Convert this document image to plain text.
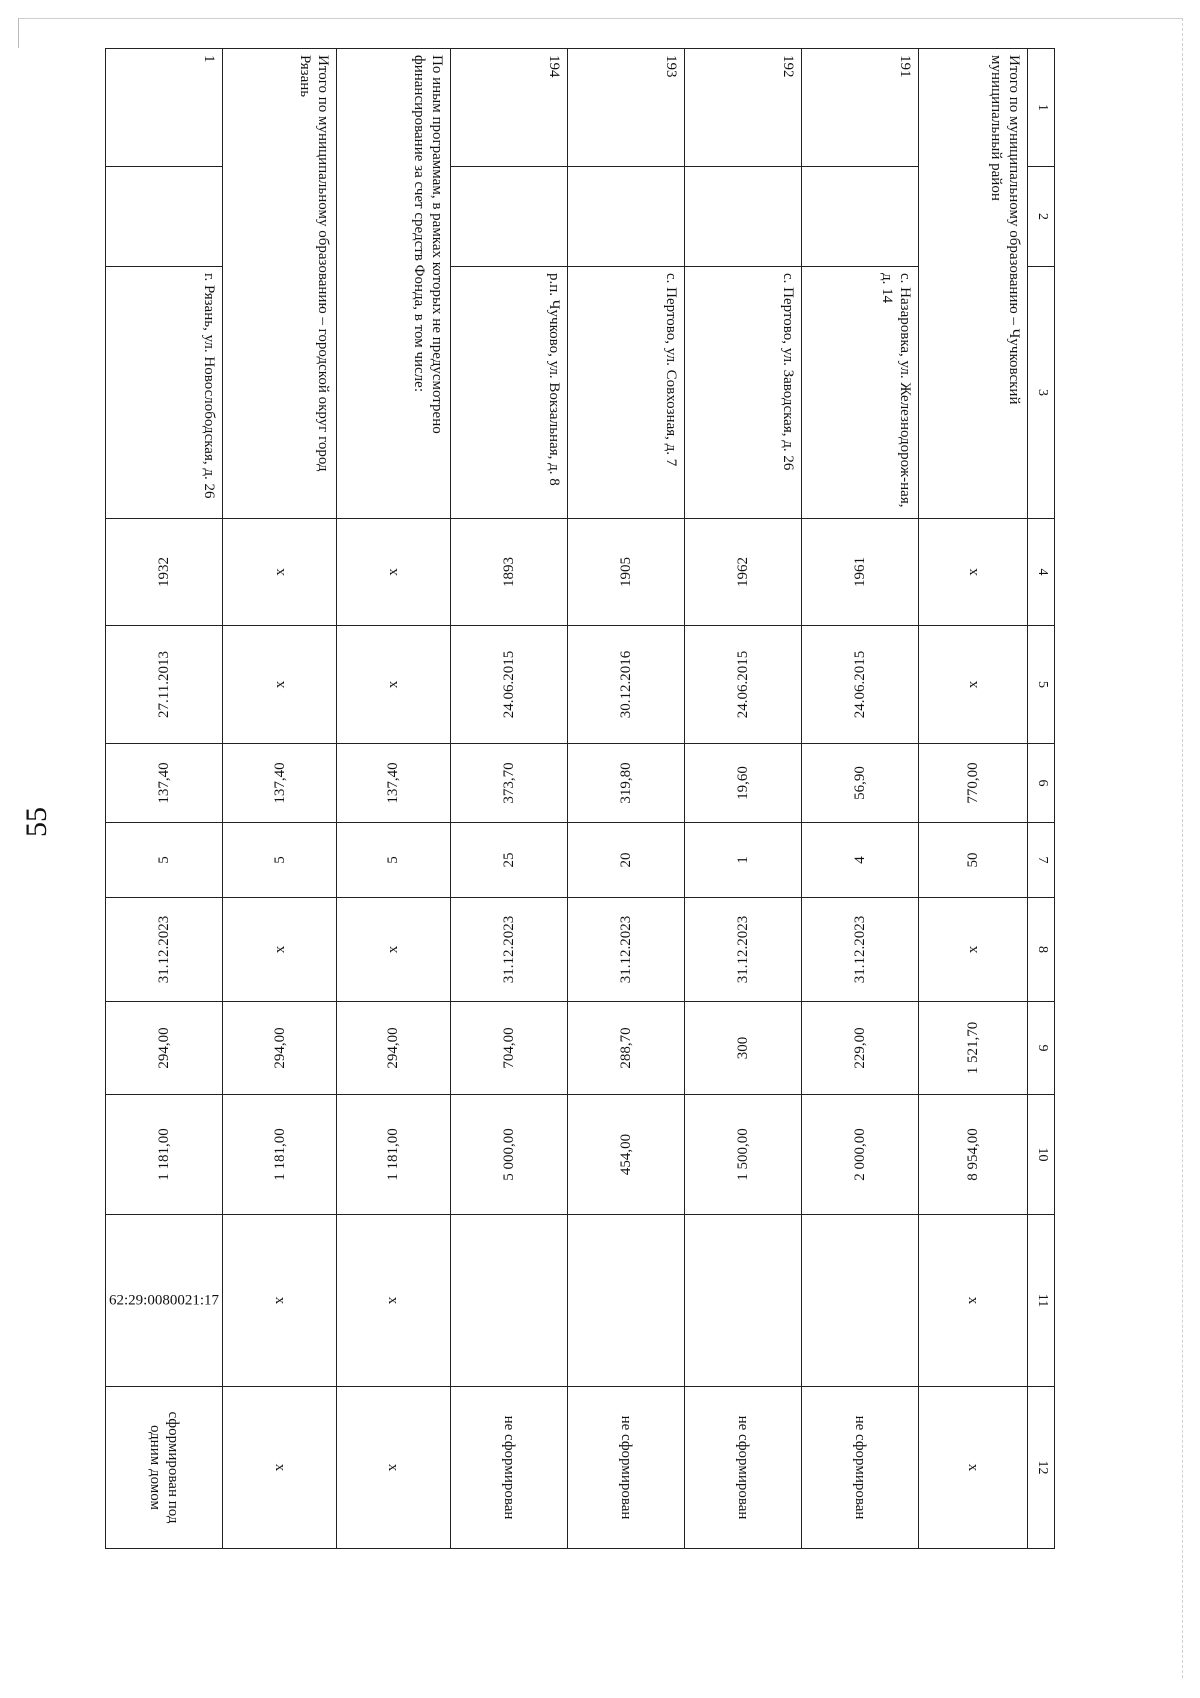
55
1	2	3	4	5	6	7	8	9	10	11	12
Итого по муниципальному образованию – Чучковский муниципальный район			х	х	770,00	50	х	1 521,70	8 954,00	х	х
191		с. Назаровка, ул. Железнодорож-ная, д. 14	1961	24.06.2015	56,90	4	31.12.2023	229,00	2 000,00		не сформирован
192		с. Пертово, ул. Заводская, д. 26	1962	24.06.2015	19,60	1	31.12.2023	300	1 500,00		не сформирован
193		с. Пертово, ул. Совхозная, д. 7	1905	30.12.2016	319,80	20	31.12.2023	288,70	454,00		не сформирован
194		р.п. Чучково, ул. Вокзальная, д. 8	1893	24.06.2015	373,70	25	31.12.2023	704,00	5 000,00		не сформирован
По иным программам, в рамках которых не предусмотрено финансирование за счет средств Фонда, в том числе:			х	х	137,40	5	х	294,00	1 181,00	х	х
Итого по муниципальному образованию – городской округ город Рязань			х	х	137,40	5	х	294,00	1 181,00	х	х
1		г. Рязань, ул. Новослободская, д. 26	1932	27.11.2013	137,40	5	31.12.2023	294,00	1 181,00	62:29:0080021:17	сформирован под одним домом
